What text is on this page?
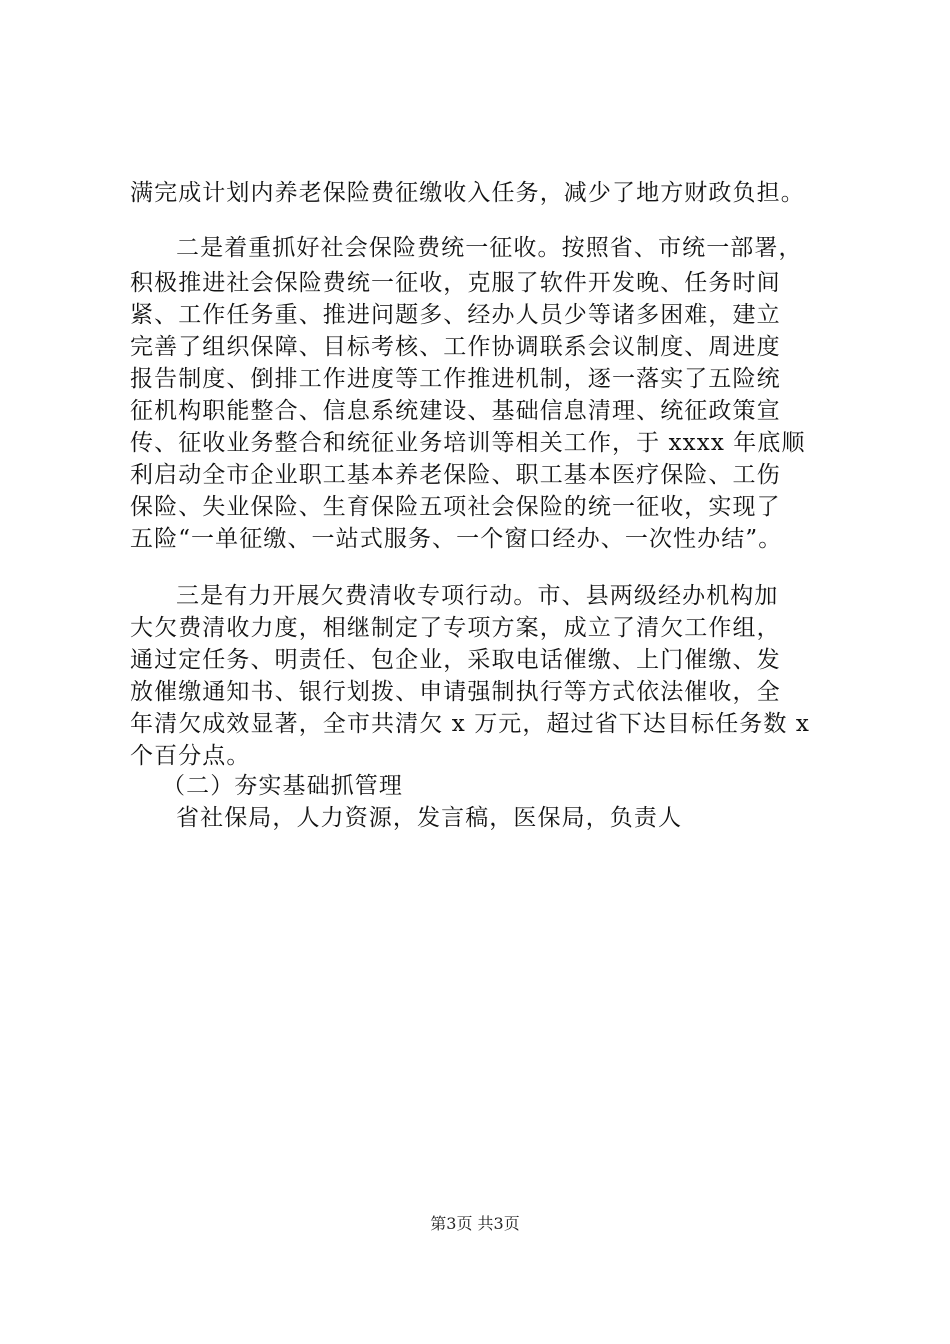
满完成计划内养老保险费征缴收入任务，减少了地方财政负担。
二是着重抓好社会保险费统一征收。按照省、市统一部署，
积极推进社会保险费统一征收，克服了软件开发晚、任务时间
紧、工作任务重、推进问题多、经办人员少等诸多困难，建立
完善了组织保障、目标考核、工作协调联系会议制度、周进度
报告制度、倒排工作进度等工作推进机制，逐一落实了五险统
征机构职能整合、信息系统建设、基础信息清理、统征政策宣
传、征收业务整合和统征业务培训等相关工作，于 xxxx 年底顺
利启动全市企业职工基本养老保险、职工基本医疗保险、工伤
保险、失业保险、生育保险五项社会保险的统一征收，实现了
五险“一单征缴、一站式服务、一个窗口经办、一次性办结”。
三是有力开展欠费清收专项行动。市、县两级经办机构加
大欠费清收力度，相继制定了专项方案，成立了清欠工作组，
通过定任务、明责任、包企业，采取电话催缴、上门催缴、发
放催缴通知书、银行划拨、申请强制执行等方式依法催收，全
年清欠成效显著，全市共清欠 x 万元，超过省下达目标任务数 x
个百分点。
（二）夯实基础抓管理
省社保局，人力资源，发言稿，医保局，负责人
第3页 共3页
